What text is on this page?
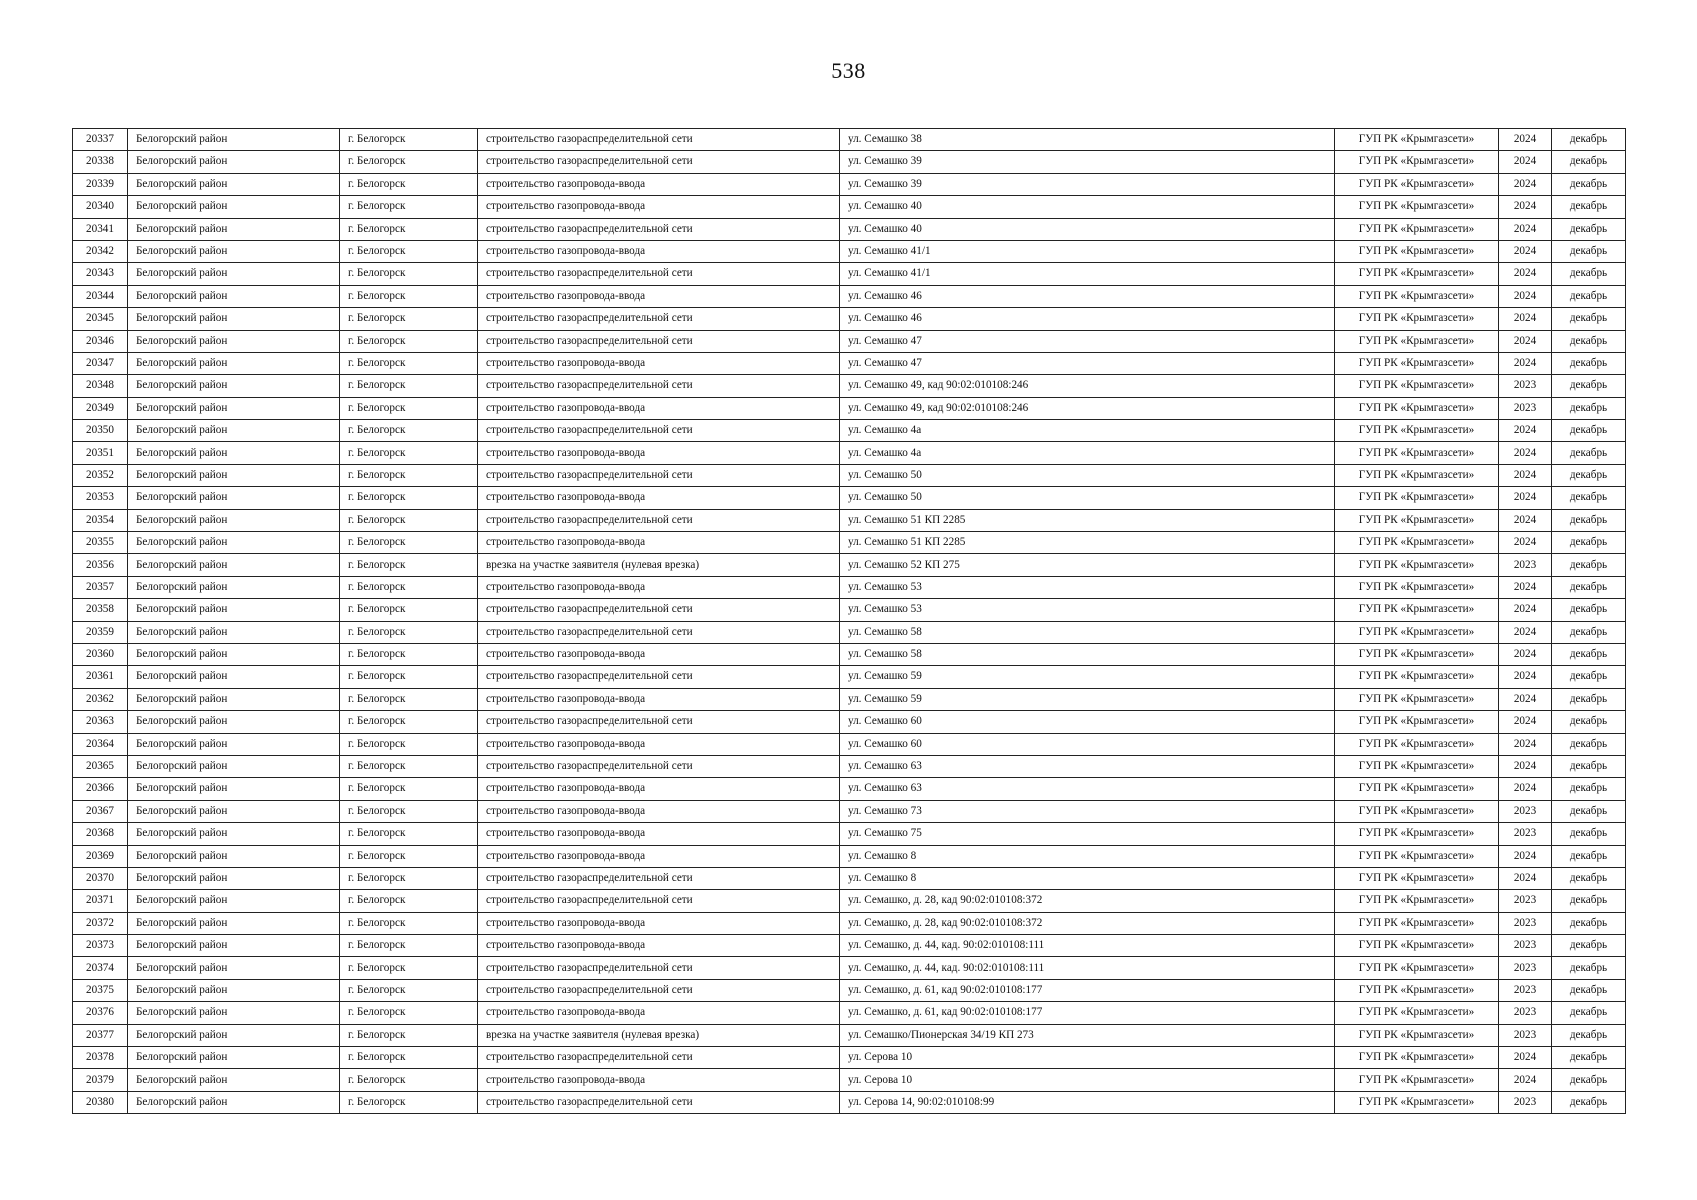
538
20337	Белогорский район	г. Белогорск	строительство газораспределительной сети	ул. Семашко 38	ГУП РК «Крымгазсети»	2024	декабрь
20338	Белогорский район	г. Белогорск	строительство газораспределительной сети	ул. Семашко 39	ГУП РК «Крымгазсети»	2024	декабрь
20339	Белогорский район	г. Белогорск	строительство газопровода-ввода	ул. Семашко 39	ГУП РК «Крымгазсети»	2024	декабрь
20340	Белогорский район	г. Белогорск	строительство газопровода-ввода	ул. Семашко 40	ГУП РК «Крымгазсети»	2024	декабрь
20341	Белогорский район	г. Белогорск	строительство газораспределительной сети	ул. Семашко 40	ГУП РК «Крымгазсети»	2024	декабрь
20342	Белогорский район	г. Белогорск	строительство газопровода-ввода	ул. Семашко 41/1	ГУП РК «Крымгазсети»	2024	декабрь
20343	Белогорский район	г. Белогорск	строительство газораспределительной сети	ул. Семашко 41/1	ГУП РК «Крымгазсети»	2024	декабрь
20344	Белогорский район	г. Белогорск	строительство газопровода-ввода	ул. Семашко 46	ГУП РК «Крымгазсети»	2024	декабрь
20345	Белогорский район	г. Белогорск	строительство газораспределительной сети	ул. Семашко 46	ГУП РК «Крымгазсети»	2024	декабрь
20346	Белогорский район	г. Белогорск	строительство газораспределительной сети	ул. Семашко 47	ГУП РК «Крымгазсети»	2024	декабрь
20347	Белогорский район	г. Белогорск	строительство газопровода-ввода	ул. Семашко 47	ГУП РК «Крымгазсети»	2024	декабрь
20348	Белогорский район	г. Белогорск	строительство газораспределительной сети	ул. Семашко 49, кад 90:02:010108:246	ГУП РК «Крымгазсети»	2023	декабрь
20349	Белогорский район	г. Белогорск	строительство газопровода-ввода	ул. Семашко 49, кад 90:02:010108:246	ГУП РК «Крымгазсети»	2023	декабрь
20350	Белогорский район	г. Белогорск	строительство газораспределительной сети	ул. Семашко 4а	ГУП РК «Крымгазсети»	2024	декабрь
20351	Белогорский район	г. Белогорск	строительство газопровода-ввода	ул. Семашко 4а	ГУП РК «Крымгазсети»	2024	декабрь
20352	Белогорский район	г. Белогорск	строительство газораспределительной сети	ул. Семашко 50	ГУП РК «Крымгазсети»	2024	декабрь
20353	Белогорский район	г. Белогорск	строительство газопровода-ввода	ул. Семашко 50	ГУП РК «Крымгазсети»	2024	декабрь
20354	Белогорский район	г. Белогорск	строительство газораспределительной сети	ул. Семашко 51 КП 2285	ГУП РК «Крымгазсети»	2024	декабрь
20355	Белогорский район	г. Белогорск	строительство газопровода-ввода	ул. Семашко 51 КП 2285	ГУП РК «Крымгазсети»	2024	декабрь
20356	Белогорский район	г. Белогорск	врезка на участке заявителя (нулевая врезка)	ул. Семашко 52 КП 275	ГУП РК «Крымгазсети»	2023	декабрь
20357	Белогорский район	г. Белогорск	строительство газопровода-ввода	ул. Семашко 53	ГУП РК «Крымгазсети»	2024	декабрь
20358	Белогорский район	г. Белогорск	строительство газораспределительной сети	ул. Семашко 53	ГУП РК «Крымгазсети»	2024	декабрь
20359	Белогорский район	г. Белогорск	строительство газораспределительной сети	ул. Семашко 58	ГУП РК «Крымгазсети»	2024	декабрь
20360	Белогорский район	г. Белогорск	строительство газопровода-ввода	ул. Семашко 58	ГУП РК «Крымгазсети»	2024	декабрь
20361	Белогорский район	г. Белогорск	строительство газораспределительной сети	ул. Семашко 59	ГУП РК «Крымгазсети»	2024	декабрь
20362	Белогорский район	г. Белогорск	строительство газопровода-ввода	ул. Семашко 59	ГУП РК «Крымгазсети»	2024	декабрь
20363	Белогорский район	г. Белогорск	строительство газораспределительной сети	ул. Семашко 60	ГУП РК «Крымгазсети»	2024	декабрь
20364	Белогорский район	г. Белогорск	строительство газопровода-ввода	ул. Семашко 60	ГУП РК «Крымгазсети»	2024	декабрь
20365	Белогорский район	г. Белогорск	строительство газораспределительной сети	ул. Семашко 63	ГУП РК «Крымгазсети»	2024	декабрь
20366	Белогорский район	г. Белогорск	строительство газопровода-ввода	ул. Семашко 63	ГУП РК «Крымгазсети»	2024	декабрь
20367	Белогорский район	г. Белогорск	строительство газопровода-ввода	ул. Семашко 73	ГУП РК «Крымгазсети»	2023	декабрь
20368	Белогорский район	г. Белогорск	строительство газопровода-ввода	ул. Семашко 75	ГУП РК «Крымгазсети»	2023	декабрь
20369	Белогорский район	г. Белогорск	строительство газопровода-ввода	ул. Семашко 8	ГУП РК «Крымгазсети»	2024	декабрь
20370	Белогорский район	г. Белогорск	строительство газораспределительной сети	ул. Семашко 8	ГУП РК «Крымгазсети»	2024	декабрь
20371	Белогорский район	г. Белогорск	строительство газораспределительной сети	ул. Семашко, д. 28, кад 90:02:010108:372	ГУП РК «Крымгазсети»	2023	декабрь
20372	Белогорский район	г. Белогорск	строительство газопровода-ввода	ул. Семашко, д. 28, кад 90:02:010108:372	ГУП РК «Крымгазсети»	2023	декабрь
20373	Белогорский район	г. Белогорск	строительство газопровода-ввода	ул. Семашко, д. 44, кад. 90:02:010108:111	ГУП РК «Крымгазсети»	2023	декабрь
20374	Белогорский район	г. Белогорск	строительство газораспределительной сети	ул. Семашко, д. 44, кад. 90:02:010108:111	ГУП РК «Крымгазсети»	2023	декабрь
20375	Белогорский район	г. Белогорск	строительство газораспределительной сети	ул. Семашко, д. 61, кад 90:02:010108:177	ГУП РК «Крымгазсети»	2023	декабрь
20376	Белогорский район	г. Белогорск	строительство газопровода-ввода	ул. Семашко, д. 61, кад 90:02:010108:177	ГУП РК «Крымгазсети»	2023	декабрь
20377	Белогорский район	г. Белогорск	врезка на участке заявителя (нулевая врезка)	ул. Семашко/Пионерская 34/19 КП 273	ГУП РК «Крымгазсети»	2023	декабрь
20378	Белогорский район	г. Белогорск	строительство газораспределительной сети	ул. Серова 10	ГУП РК «Крымгазсети»	2024	декабрь
20379	Белогорский район	г. Белогорск	строительство газопровода-ввода	ул. Серова 10	ГУП РК «Крымгазсети»	2024	декабрь
20380	Белогорский район	г. Белогорск	строительство газораспределительной сети	ул. Серова 14, 90:02:010108:99	ГУП РК «Крымгазсети»	2023	декабрь
